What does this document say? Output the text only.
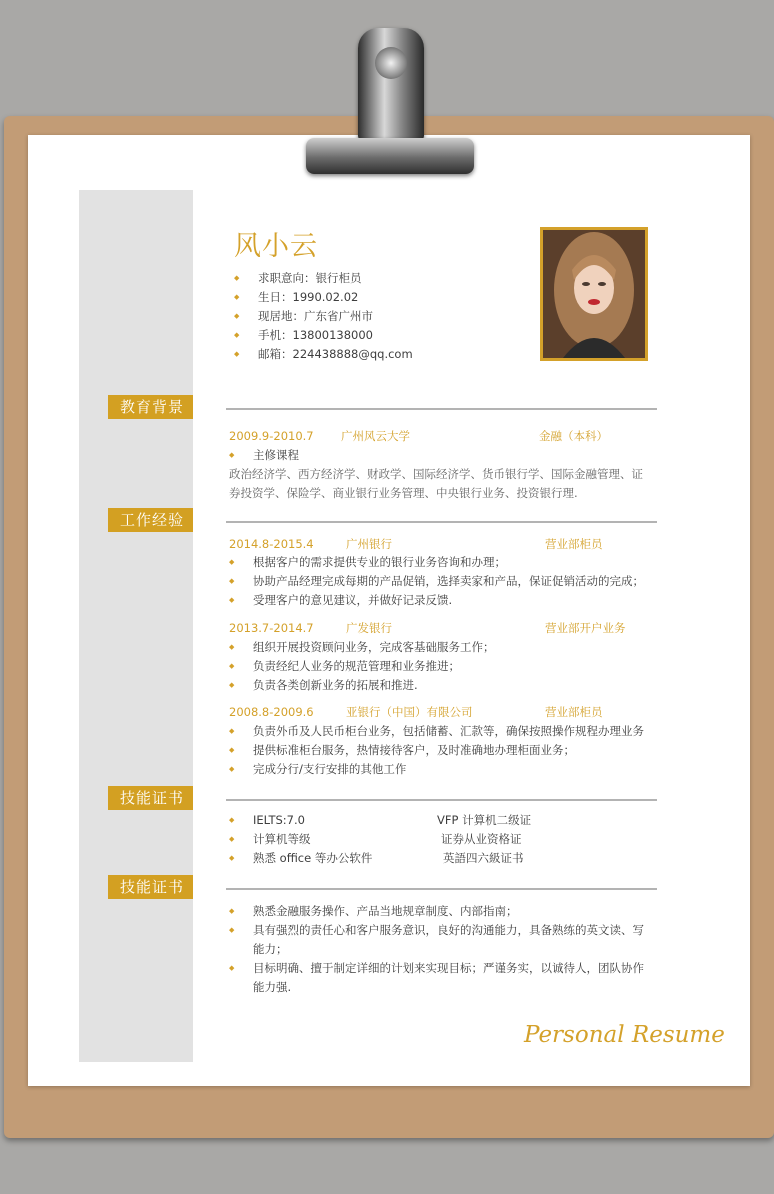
风小云
◆ 求职意向：银行柜员
◆ 生日：1990.02.02
◆ 现居地：广东省广州市
◆ 手机：13800138000
◆ 邮箱：224438888@qq.com
教育背景
2009.9-2010.7 广州风云大学	金融（本科）
◆ 主修课程
政治经济学、西方经济学、财政学、国际经济学、货币银行学、国际金融管理、证券投资学、保险学、商业银行业务管理、中央银行业务、投资银行理.
工作经验
2014.8-2015.4	广州银行	营业部柜员
◆ 根据客户的需求提供专业的银行业务咨询和办理；
◆ 协助产品经理完成每期的产品促销，选择卖家和产品，保证促销活动的完成；
◆ 受理客户的意见建议，并做好记录反馈.
2013.7-2014.7	广发银行	营业部开户业务
◆ 组织开展投资顾问业务，完成客基础服务工作；
◆ 负责经纪人业务的规范管理和业务推进；
◆ 负责各类创新业务的拓展和推进.
2008.8-2009.6	亚银行（中国）有限公司	营业部柜员
◆ 负责外币及人民币柜台业务，包括储蓄、汇款等，确保按照操作规程办理业务
◆ 提供标准柜台服务，热情接待客户，及时准确地办理柜面业务；
◆ 完成分行/支行安排的其他工作
技能证书
◆ IELTS:7.0	VFP 计算机二级证
◆ 计算机等级	证券从业资格证
◆ 熟悉 office 等办公软件	英語四六級证书
技能证书
◆ 熟悉金融服务操作、产品当地规章制度、内部指南；
◆ 具有强烈的责任心和客户服务意识，良好的沟通能力，具备熟练的英文读、写能力；
◆ 目标明确、擅于制定详细的计划来实现目标；严谨务实，以诚待人，团队协作能力强.
Personal Resume
